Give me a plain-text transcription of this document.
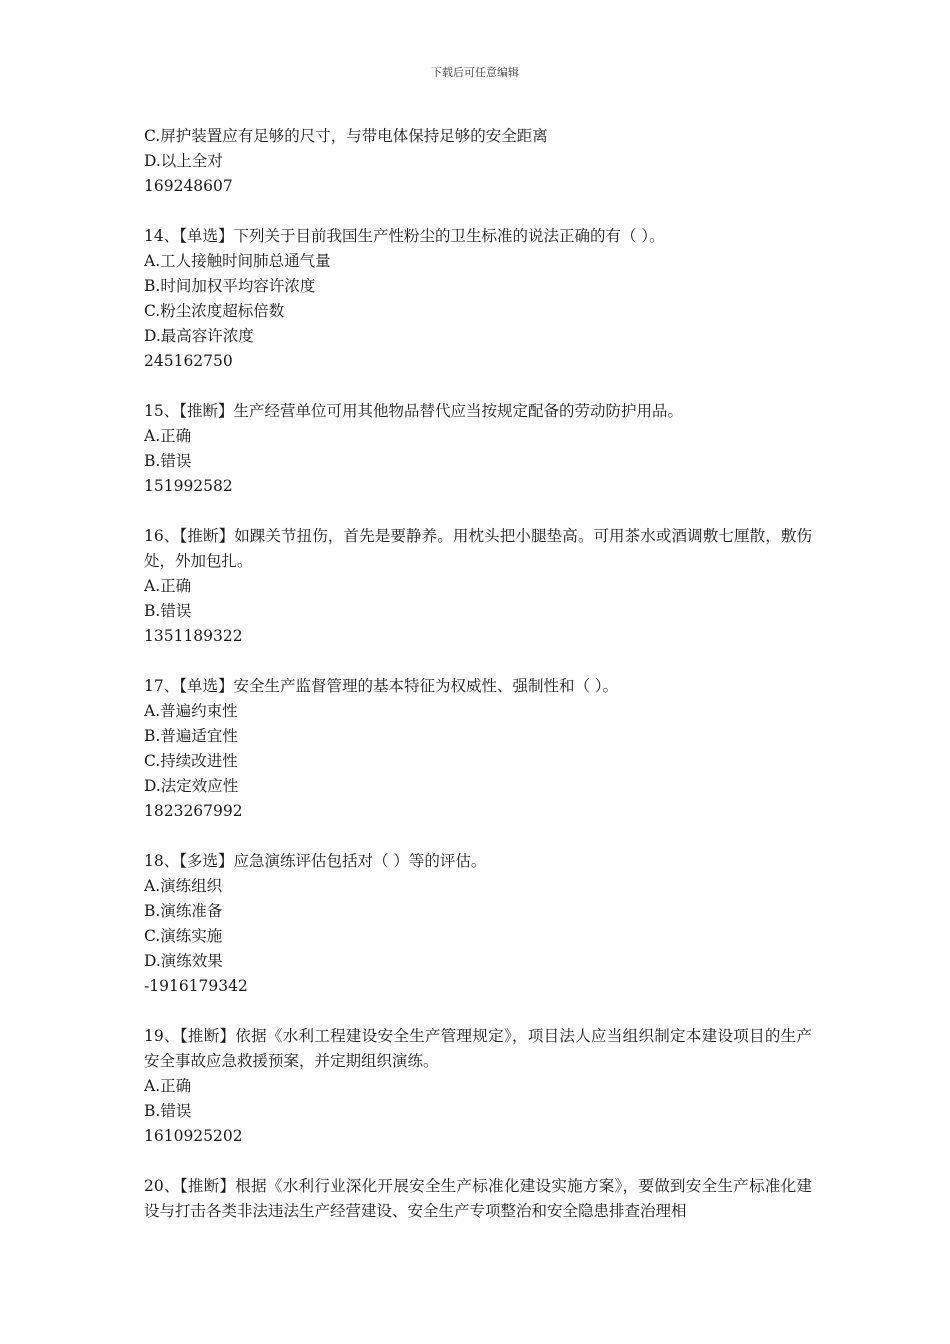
下载后可任意编辑
C.屏护装置应有足够的尺寸，与带电体保持足够的安全距离
D.以上全对
169248607
14、【单选】下列关于目前我国生产性粉尘的卫生标准的说法正确的有（ ）。
A.工人接触时间肺总通气量
B.时间加权平均容许浓度
C.粉尘浓度超标倍数
D.最高容许浓度
245162750
15、【推断】生产经营单位可用其他物品替代应当按规定配备的劳动防护用品。
A.正确
B.错误
151992582
16、【推断】如踝关节扭伤，首先是要静养。用枕头把小腿垫高。可用茶水或酒调敷七厘散，敷伤处，外加包扎。
A.正确
B.错误
1351189322
17、【单选】安全生产监督管理的基本特征为权威性、强制性和（ ）。
A.普遍约束性
B.普遍适宜性
C.持续改进性
D.法定效应性
1823267992
18、【多选】应急演练评估包括对（ ）等的评估。
A.演练组织
B.演练准备
C.演练实施
D.演练效果
-1916179342
19、【推断】依据《水利工程建设安全生产管理规定》，项目法人应当组织制定本建设项目的生产安全事故应急救援预案，并定期组织演练。
A.正确
B.错误
1610925202
20、【推断】根据《水利行业深化开展安全生产标准化建设实施方案》，要做到安全生产标准化建设与打击各类非法违法生产经营建设、安全生产专项整治和安全隐患排查治理相
